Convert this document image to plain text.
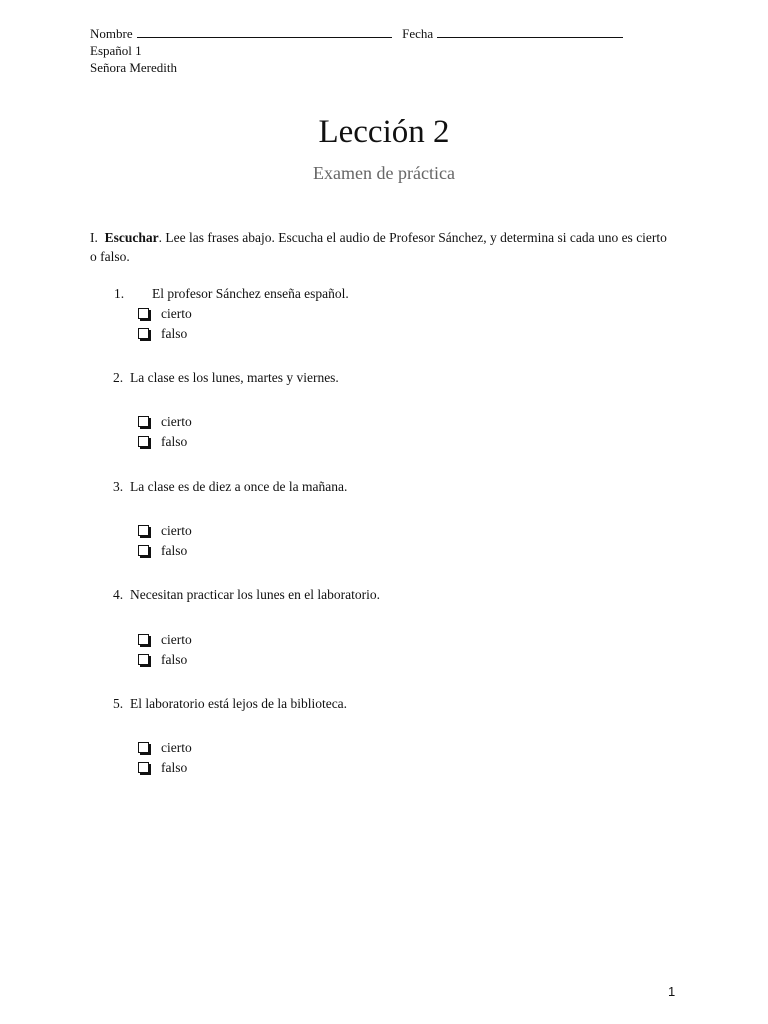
Nombre	Fecha
Español 1
Señora Meredith
Lección 2
Examen de práctica
I. Escuchar. Lee las frases abajo. Escucha el audio de Profesor Sánchez, y determina si cada uno es cierto o falso.
1. El profesor Sánchez enseña español.
cierto
falso
2. La clase es los lunes, martes y viernes.
cierto
falso
3. La clase es de diez a once de la mañana.
cierto
falso
4. Necesitan practicar los lunes en el laboratorio.
cierto
falso
5. El laboratorio está lejos de la biblioteca.
cierto
falso
1
